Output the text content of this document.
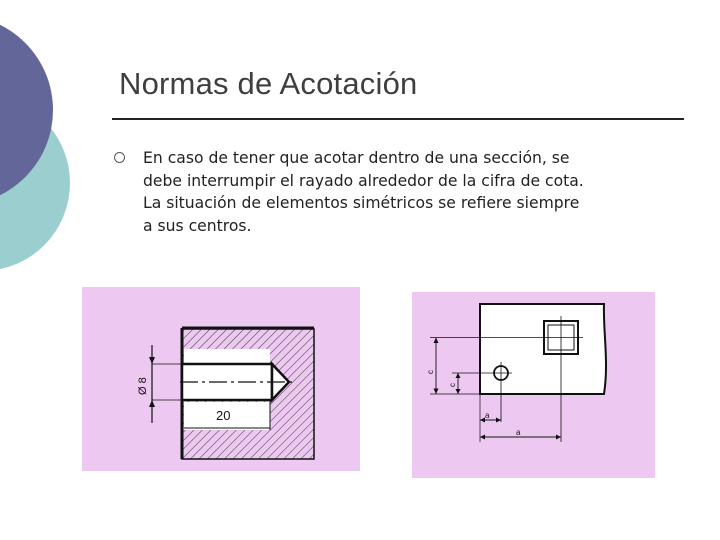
Normas de Acotación
En caso de tener que acotar dentro de una sección, se
debe interrumpir el rayado alrededor de la cifra de cota.
La situación de elementos simétricos se refiere siempre
a sus centros.
20
Ø 8
c
c
a
a
